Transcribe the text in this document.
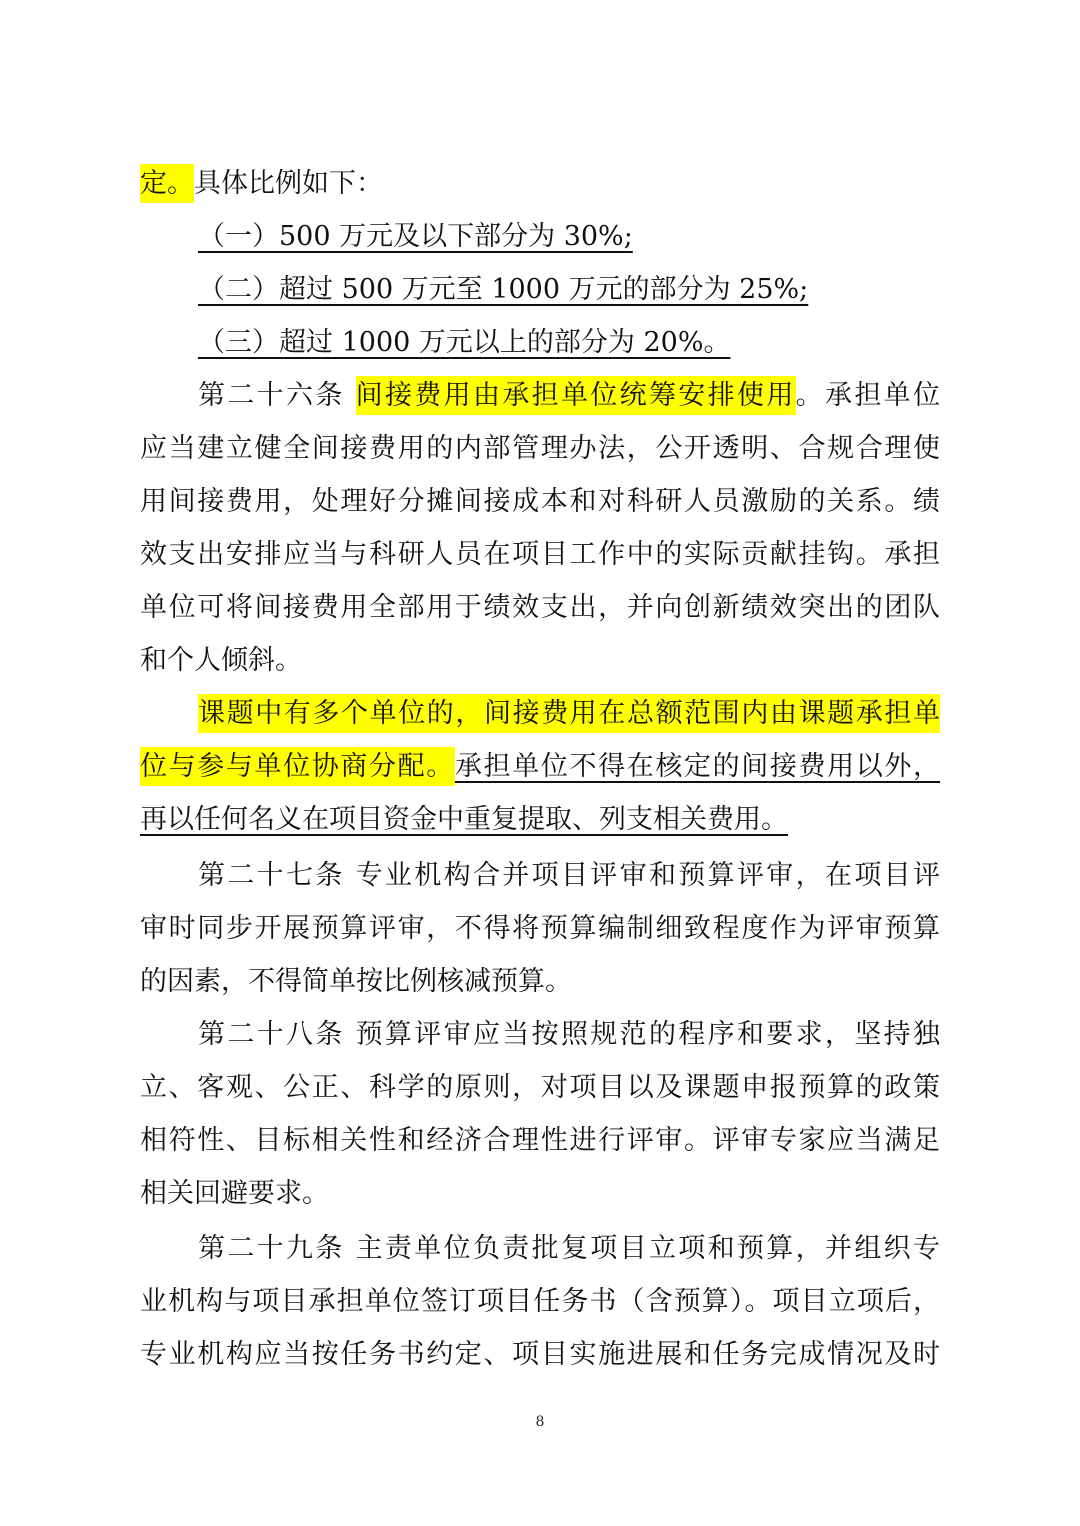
定。具体比例如下：
（一）500 万元及以下部分为 30%;
（二）超过 500 万元至 1000 万元的部分为 25%;
（三）超过 1000 万元以上的部分为 20%。
第二十六条 间接费用由承担单位统筹安排使用。承担单位
应当建立健全间接费用的内部管理办法，公开透明、合规合理使
用间接费用，处理好分摊间接成本和对科研人员激励的关系。绩
效支出安排应当与科研人员在项目工作中的实际贡献挂钩。承担
单位可将间接费用全部用于绩效支出，并向创新绩效突出的团队
和个人倾斜。
课题中有多个单位的，间接费用在总额范围内由课题承担单
位与参与单位协商分配。承担单位不得在核定的间接费用以外，
再以任何名义在项目资金中重复提取、列支相关费用。
第二十七条 专业机构合并项目评审和预算评审，在项目评
审时同步开展预算评审，不得将预算编制细致程度作为评审预算
的因素，不得简单按比例核减预算。
第二十八条 预算评审应当按照规范的程序和要求，坚持独
立、客观、公正、科学的原则，对项目以及课题申报预算的政策
相符性、目标相关性和经济合理性进行评审。评审专家应当满足
相关回避要求。
第二十九条 主责单位负责批复项目立项和预算，并组织专
业机构与项目承担单位签订项目任务书（含预算）。项目立项后，
专业机构应当按任务书约定、项目实施进展和任务完成情况及时
8
